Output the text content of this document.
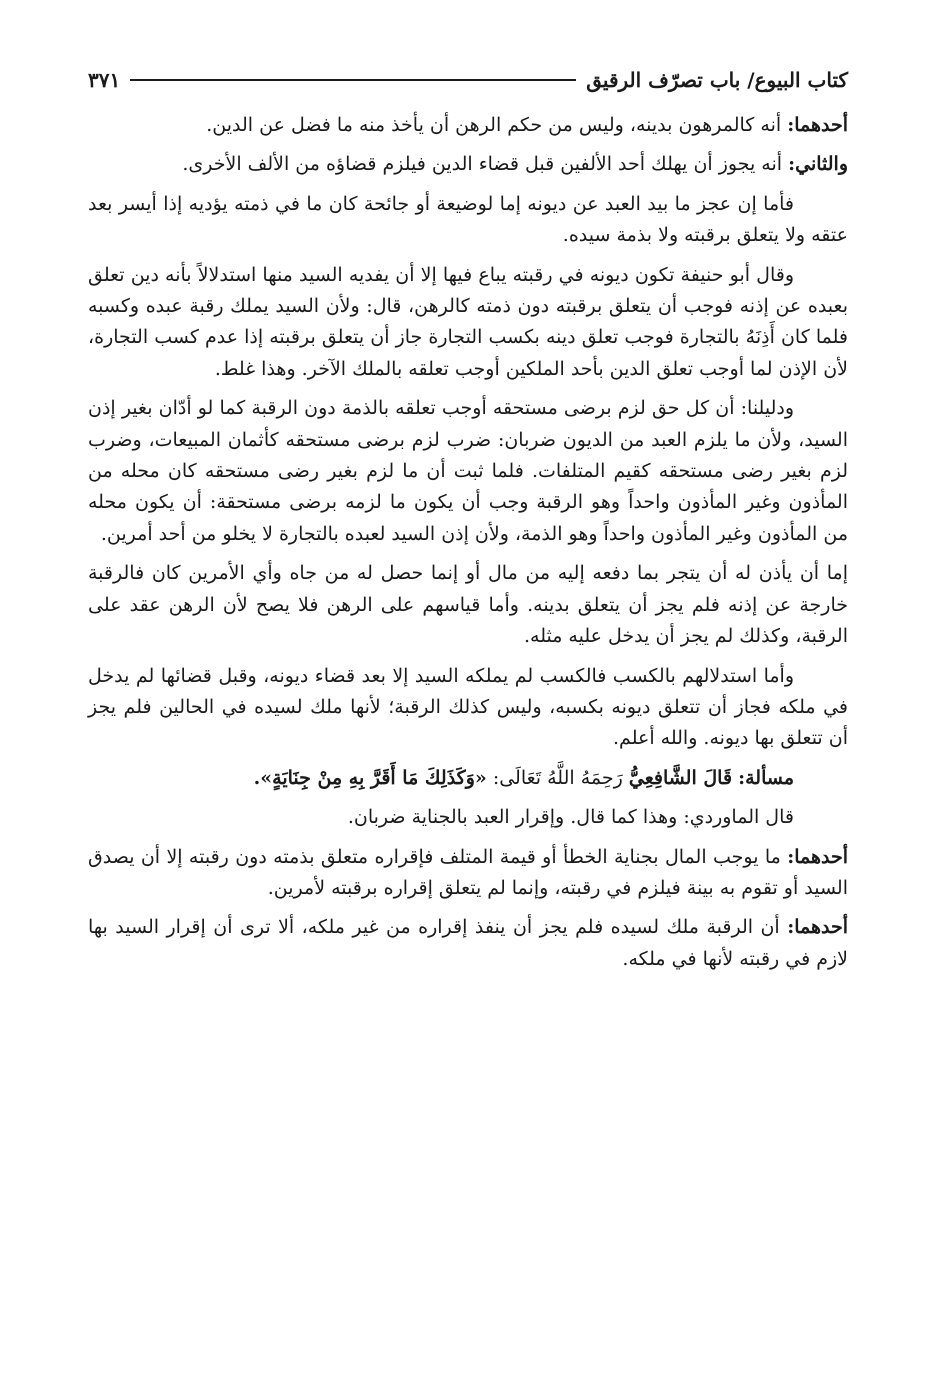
كتاب البيوع/ باب تصرّف الرقيق
٣٧١

أحدهما: أنه كالمرهون بدينه، وليس من حكم الرهن أن يأخذ منه ما فضل عن الدين.

والثاني: أنه يجوز أن يهلك أحد الألفين قبل قضاء الدين فيلزم قضاؤه من الألف الأخرى.

فأما إن عجز ما بيد العبد عن ديونه إما لوضيعة أو جائحة كان ما في ذمته يؤديه إذا أيسر بعد عتقه ولا يتعلق برقبته ولا بذمة سيده.

وقال أبو حنيفة تكون ديونه في رقبته يباع فيها إلا أن يفديه السيد منها استدلالاً بأنه دين تعلق بعبده عن إذنه فوجب أن يتعلق برقبته دون ذمته كالرهن، قال: ولأن السيد يملك رقبة عبده وكسبه فلما كان أَذِنَهُ بالتجارة فوجب تعلق دينه بكسب التجارة جاز أن يتعلق برقبته إذا عدم كسب التجارة، لأن الإذن لما أوجب تعلق الدين بأحد الملكين أوجب تعلقه بالملك الآخر. وهذا غلط.

ودليلنا: أن كل حق لزم برضى مستحقه أوجب تعلقه بالذمة دون الرقبة كما لو أدّان بغير إذن السيد، ولأن ما يلزم العبد من الديون ضربان: ضرب لزم برضى مستحقه كأثمان المبيعات، وضرب لزم بغير رضى مستحقه كقيم المتلفات. فلما ثبت أن ما لزم بغير رضى مستحقه كان محله من المأذون وغير المأذون واحداً وهو الرقبة وجب أن يكون ما لزمه برضى مستحقة: أن يكون محله من المأذون وغير المأذون واحداً وهو الذمة، ولأن إذن السيد لعبده بالتجارة لا يخلو من أحد أمرين.

إما أن يأذن له أن يتجر بما دفعه إليه من مال أو إنما حصل له من جاه وأي الأمرين كان فالرقبة خارجة عن إذنه فلم يجز أن يتعلق بدينه. وأما قياسهم على الرهن فلا يصح لأن الرهن عقد على الرقبة، وكذلك لم يجز أن يدخل عليه مثله.

وأما استدلالهم بالكسب فالكسب لم يملكه السيد إلا بعد قضاء ديونه، وقبل قضائها لم يدخل في ملكه فجاز أن تتعلق ديونه بكسبه، وليس كذلك الرقبة؛ لأنها ملك لسيده في الحالين فلم يجز أن تتعلق بها ديونه. والله أعلم.

مسألة: قَالَ الشَّافِعِيُّ رَحِمَهُ اللَّهُ تَعَالَى: «وَكَذَلِكَ مَا أَقَرَّ بِهِ مِنْ جِنَايَةٍ».

قال الماوردي: وهذا كما قال. وإقرار العبد بالجناية ضربان.

أحدهما: ما يوجب المال بجناية الخطأ أو قيمة المتلف فإقراره متعلق بذمته دون رقبته إلا أن يصدق السيد أو تقوم به بينة فيلزم في رقبته، وإنما لم يتعلق إقراره برقبته لأمرين.

أحدهما: أن الرقبة ملك لسيده فلم يجز أن ينفذ إقراره من غير ملكه، ألا ترى أن إقرار السيد بها لازم في رقبته لأنها في ملكه.
